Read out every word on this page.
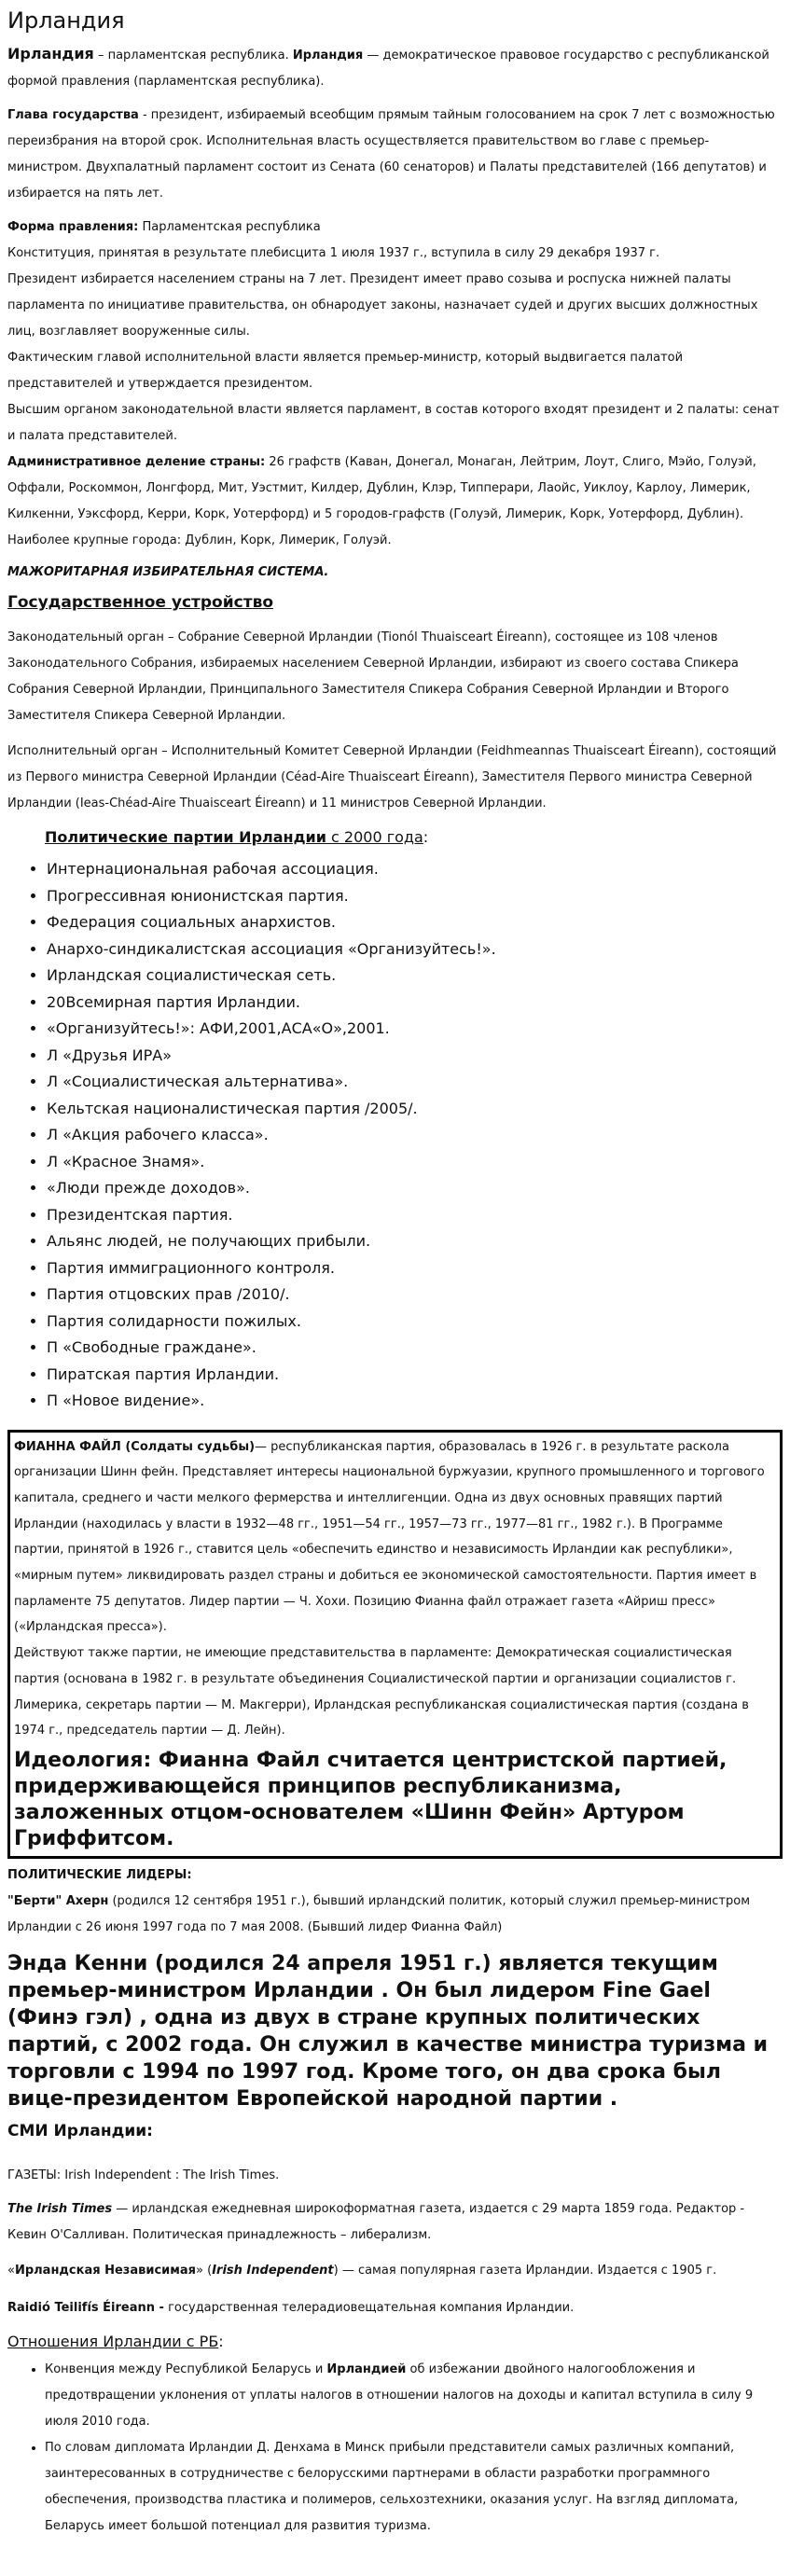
Ирландия

Ирландия – парламентская республика. Ирландия — демократическое правовое государство с республиканской формой правления (парламентская республика).

Глава государства - президент, избираемый всеобщим прямым тайным голосованием на срок 7 лет с возможностью переизбрания на второй срок. Исполнительная власть осуществляется правительством во главе с премьер-министром. Двухпалатный парламент состоит из Сената (60 сенаторов) и Палаты представителей (166 депутатов) и избирается на пять лет.

Форма правления: Парламентская республика

Конституция, принятая в результате плебисцита 1 июля 1937 г., вступила в силу 29 декабря 1937 г.

Президент избирается населением страны на 7 лет. Президент имеет право созыва и роспуска нижней палаты парламента по инициативе правительства, он обнародует законы, назначает судей и других высших должностных лиц, возглавляет вооруженные силы.

Фактическим главой исполнительной власти является премьер-министр, который выдвигается палатой представителей и утверждается президентом.

Высшим органом законодательной власти является парламент, в состав которого входят президент и 2 палаты: сенат и палата представителей.

Административное деление страны: 26 графств (Каван, Донегал, Монаган, Лейтрим, Лоут, Слиго, Мэйо, Голуэй, Оффали, Роскоммон, Лонгфорд, Мит, Уэстмит, Килдер, Дублин, Клэр, Типперари, Лаойс, Уиклоу, Карлоу, Лимерик, Килкенни, Уэксфорд, Керри, Корк, Уотерфорд) и 5 городов-графств (Голуэй, Лимерик, Корк, Уотерфорд, Дублин).

Наиболее крупные города: Дублин, Корк, Лимерик, Голуэй.

МАЖОРИТАРНАЯ ИЗБИРАТЕЛЬНАЯ СИСТЕМА.

Государственное устройство

Законодательный орган – Собрание Северной Ирландии (Tionól Thuaisceart Éireann), состоящее из 108 членов Законодательного Собрания, избираемых населением Северной Ирландии, избирают из своего состава Спикера Собрания Северной Ирландии, Принципального Заместителя Спикера Собрания Северной Ирландии и Второго Заместителя Спикера Северной Ирландии.

Исполнительный орган – Исполнительный Комитет Северной Ирландии (Feidhmeannas Thuaisceart Éireann), состоящий из Первого министра Северной Ирландии (Céad-Aire Thuaisceart Éireann), Заместителя Первого министра Северной Ирландии (Ieas-Chéad-Aire Thuaisceart Éireann) и 11 министров Северной Ирландии.

Политические партии Ирландии с 2000 года:

• Интернациональная рабочая ассоциация.
• Прогрессивная юнионистская партия.
• Федерация социальных анархистов.
• Анархо-синдикалистская ассоциация «Организуйтесь!».
• Ирландская социалистическая сеть.
• 20Всемирная партия Ирландии.
• «Организуйтесь!»: АФИ,2001,АСА«О»,2001.
• Л «Друзья ИРА»
• Л «Социалистическая альтернатива».
• Кельтская националистическая партия /2005/.
• Л «Акция рабочего класса».
• Л «Красное Знамя».
• «Люди прежде доходов».
• Президентская партия.
• Альянс людей, не получающих прибыли.
• Партия иммиграционного контроля.
• Партия отцовских прав /2010/.
• Партия солидарности пожилых.
• П «Свободные граждане».
• Пиратская партия Ирландии.
• П «Новое видение».

ФИАННА ФАЙЛ (Солдаты судьбы)— республиканская партия, образовалась в 1926 г. в результате раскола организации Шинн фейн. Представляет интересы национальной буржуазии, крупного промышленного и торгового капитала, среднего и части мелкого фермерства и интеллигенции. Одна из двух основных правящих партий Ирландии (находилась у власти в 1932—48 гг., 1951—54 гг., 1957—73 гг., 1977—81 гг., 1982 г.). В Программе партии, принятой в 1926 г., ставится цель «обеспечить единство и независимость Ирландии как республики», «мирным путем» ликвидировать раздел страны и добиться ее экономической самостоятельности. Партия имеет в парламенте 75 депутатов. Лидер партии — Ч. Хохи. Позицию Фианна файл отражает газета «Айриш пресс» («Ирландская пресса»).

Действуют также партии, не имеющие представительства в парламенте: Демократическая социалистическая партия (основана в 1982 г. в результате объединения Социалистической партии и организации социалистов г. Лимерика, секретарь партии — М. Макгерри), Ирландская республиканская социалистическая партия (создана в 1974 г., председатель партии — Д. Лейн).

Идеология: Фианна Файл считается центристской партией, придерживающейся принципов республиканизма, заложенных отцом-основателем «Шинн Фейн» Артуром Гриффитсом.

ПОЛИТИЧЕСКИЕ ЛИДЕРЫ:

"Берти" Ахерн (родился 12 сентября 1951 г.), бывший ирландский политик, который служил премьер-министром Ирландии с 26 июня 1997 года по 7 мая 2008. (Бывший лидер Фианна Файл)

Энда Кенни (родился 24 апреля 1951 г.) является текущим премьер-министром Ирландии . Он был лидером Fine Gael (Финэ гэл) , одна из двух в стране крупных политических партий, с 2002 года. Он служил в качестве министра туризма и торговли с 1994 по 1997 год. Кроме того, он два срока был вице-президентом Европейской народной партии .

СМИ Ирландии:

ГАЗЕТЫ: Irish Independent : The Irish Times.

The Irish Times — ирландская ежедневная широкоформатная газета, издается с 29 марта 1859 года. Редактор - Кевин О'Салливан. Политическая принадлежность – либерализм.

«Ирландская Независимая» (Irish Independent) — самая популярная газета Ирландии. Издается с 1905 г.

Raidió Teilifís Éireann - государственная телерадиовещательная компания Ирландии.

Отношения Ирландии с РБ:

• Конвенция между Республикой Беларусь и Ирландией об избежании двойного налогообложения и предотвращении уклонения от уплаты налогов в отношении налогов на доходы и капитал вступила в силу 9 июля 2010 года.
• По словам дипломата Ирландии Д. Денхама в Минск прибыли представители самых различных компаний, заинтересованных в сотрудничестве с белорусскими партнерами в области разработки программного обеспечения, производства пластика и полимеров, сельхозтехники, оказания услуг. На взгляд дипломата, Беларусь имеет большой потенциал для развития туризма.
